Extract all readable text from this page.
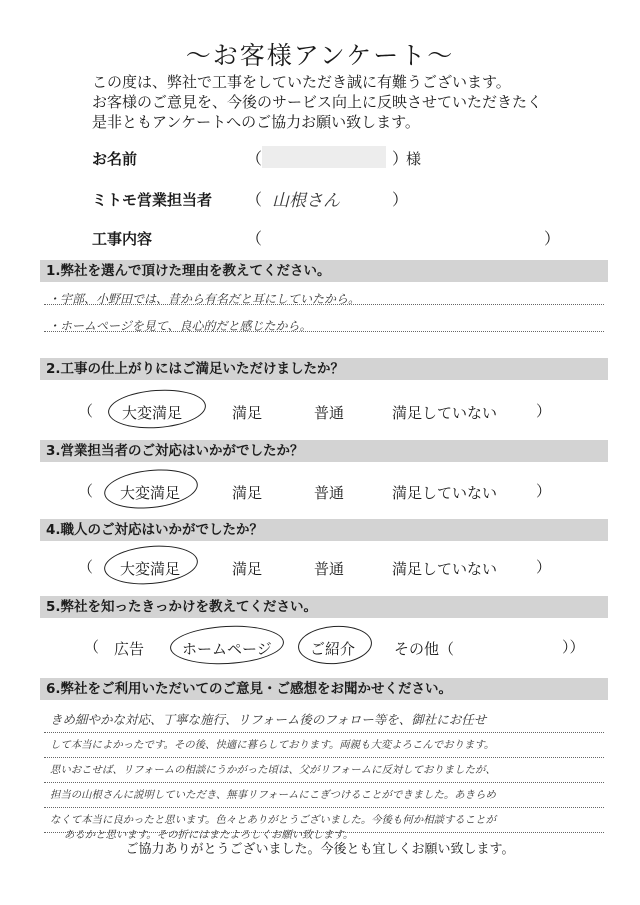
～お客様アンケート～
この度は、弊社で工事をしていただき誠に有難うございます。
お客様のご意見を、今後のサービス向上に反映させていただきたく
是非ともアンケートへのご協力お願い致します。
お名前	（	）
様
ミトモ営業担当者 （ 山根さん	）
工事内容	（	）
1.弊社を選んで頂けた理由を教えてください。
・宇部、小野田では、昔から有名だと耳にしていたから。
・ホームページを見て、良心的だと感じたから。
2.工事の仕上がりにはご満足いただけましたか？
（ 大変満足	満足	普通	満足していない	）
3.営業担当者のご対応はいかがでしたか？
（ 大変満足	満足	普通	満足していない	）
4.職人のご対応はいかがでしたか？
（ 大変満足	満足	普通	満足していない	）
5.弊社を知ったきっかけを教えてください。
（ 広告	ホームページ	ご紹介	その他（	））
6.弊社をご利用いただいてのご意見・ご感想をお聞かせください。
きめ細やかな対応、丁寧な施行、リフォーム後のフォロー等を、御社にお任せ
して本当によかったです。その後、快適に暮らしております。両親も大変よろこんでおります。
思いおこせば、リフォームの相談にうかがった頃は、父がリフォームに反対しておりましたが、
担当の山根さんに説明していただき、無事リフォームにこぎつけることができました。あきらめ
なくて本当に良かったと思います。色々とありがとうございました。今後も何か相談することが
あるかと思います。その折にはまたよろしくお願い致します。
ご協力ありがとうございました。今後とも宜しくお願い致します。
